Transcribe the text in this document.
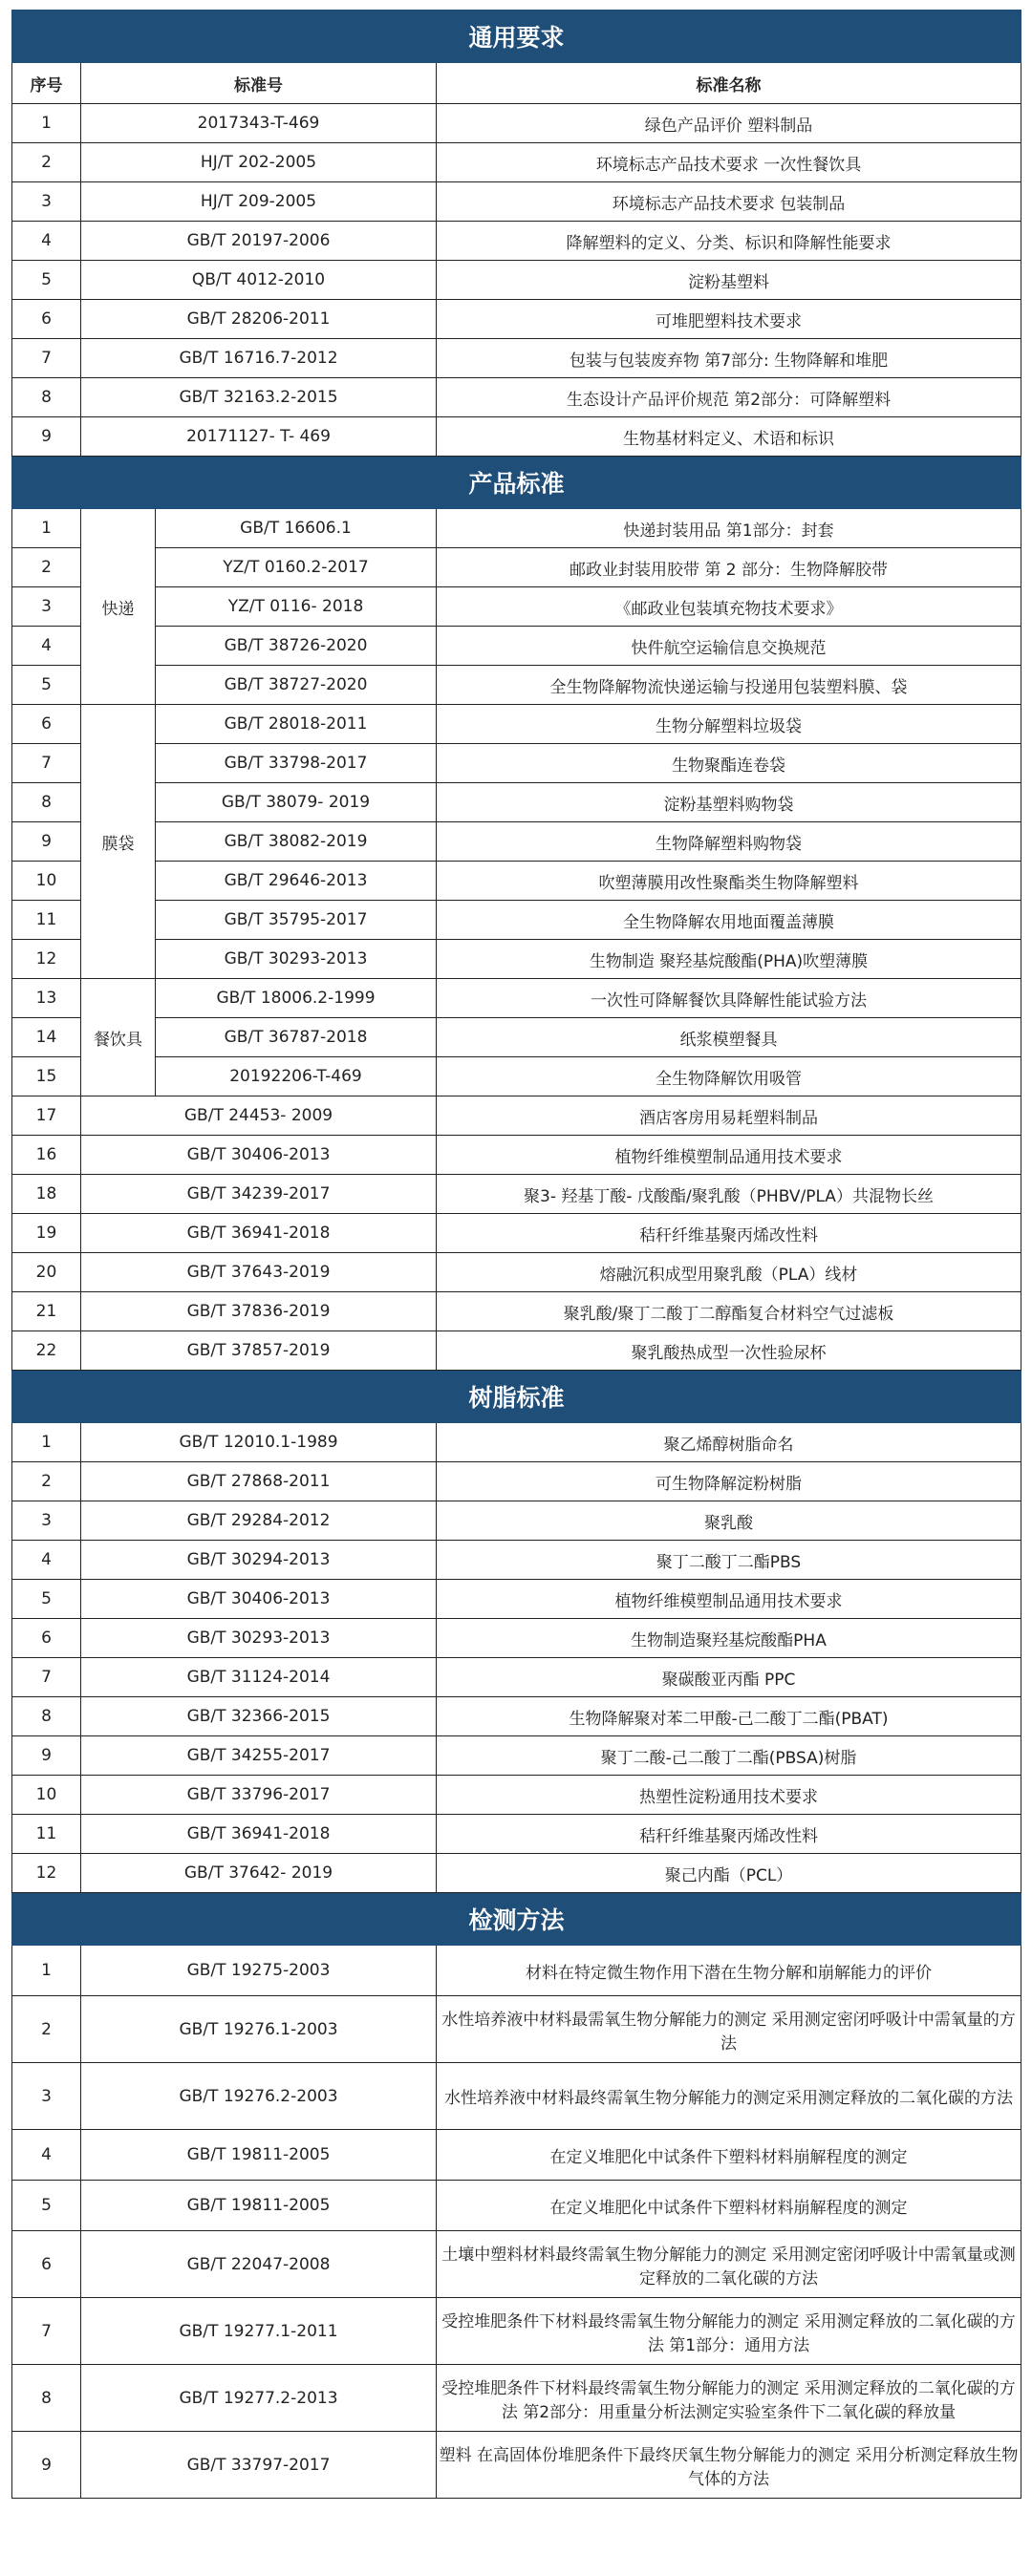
通用要求			
序号	标准号		标准名称
1	2017343-T-469		绿色产品评价 塑料制品
2	HJ/T 202-2005		环境标志产品技术要求 一次性餐饮具
3	HJ/T 209-2005		环境标志产品技术要求 包装制品
4	GB/T 20197-2006		降解塑料的定义、分类、标识和降解性能要求
5	QB/T 4012-2010		淀粉基塑料
6	GB/T 28206-2011		可堆肥塑料技术要求
7	GB/T 16716.7-2012		包装与包装废弃物 第7部分: 生物降解和堆肥
8	GB/T 32163.2-2015		生态设计产品评价规范 第2部分：可降解塑料
9	20171127- T- 469		生物基材料定义、术语和标识
产品标准			
1	快递	GB/T 16606.1	快递封装用品 第1部分：封套
2		YZ/T 0160.2-2017	邮政业封装用胶带 第 2 部分：生物降解胶带
3		YZ/T 0116- 2018	《邮政业包装填充物技术要求》
4		GB/T 38726-2020	快件航空运输信息交换规范
5		GB/T 38727-2020	全生物降解物流快递运输与投递用包装塑料膜、袋
6	膜袋	GB/T 28018-2011	生物分解塑料垃圾袋
7		GB/T 33798-2017	生物聚酯连卷袋
8		GB/T 38079- 2019	淀粉基塑料购物袋
9		GB/T 38082-2019	生物降解塑料购物袋
10		GB/T 29646-2013	吹塑薄膜用改性聚酯类生物降解塑料
11		GB/T 35795-2017	全生物降解农用地面覆盖薄膜
12		GB/T 30293-2013	生物制造 聚羟基烷酸酯(PHA)吹塑薄膜
13	餐饮具	GB/T 18006.2-1999	一次性可降解餐饮具降解性能试验方法
14		GB/T 36787-2018	纸浆模塑餐具
15		20192206-T-469	全生物降解饮用吸管
17	GB/T 24453- 2009		酒店客房用易耗塑料制品
16	GB/T 30406-2013		植物纤维模塑制品通用技术要求
18	GB/T 34239-2017		聚3- 羟基丁酸- 戊酸酯/聚乳酸（PHBV/PLA）共混物长丝
19	GB/T 36941-2018		秸秆纤维基聚丙烯改性料
20	GB/T 37643-2019		熔融沉积成型用聚乳酸（PLA）线材
21	GB/T 37836-2019		聚乳酸/聚丁二酸丁二醇酯复合材料空气过滤板
22	GB/T 37857-2019		聚乳酸热成型一次性验尿杯
树脂标准			
1	GB/T 12010.1-1989		聚乙烯醇树脂命名
2	GB/T 27868-2011		可生物降解淀粉树脂
3	GB/T 29284-2012		聚乳酸
4	GB/T 30294-2013		聚丁二酸丁二酯PBS
5	GB/T 30406-2013		植物纤维模塑制品通用技术要求
6	GB/T 30293-2013		生物制造聚羟基烷酸酯PHA
7	GB/T 31124-2014		聚碳酸亚丙酯 PPC
8	GB/T 32366-2015		生物降解聚对苯二甲酸-己二酸丁二酯(PBAT)
9	GB/T 34255-2017		聚丁二酸-己二酸丁二酯(PBSA)树脂
10	GB/T 33796-2017		热塑性淀粉通用技术要求
11	GB/T 36941-2018		秸秆纤维基聚丙烯改性料
12	GB/T 37642- 2019		聚己内酯（PCL）
检测方法			
1	GB/T 19275-2003		材料在特定微生物作用下潜在生物分解和崩解能力的评价
2	GB/T 19276.1-2003		水性培养液中材料最需氧生物分解能力的测定 采用测定密闭呼吸计中需氧量的方法
3	GB/T 19276.2-2003		水性培养液中材料最终需氧生物分解能力的测定采用测定释放的二氧化碳的方法
4	GB/T 19811-2005		在定义堆肥化中试条件下塑料材料崩解程度的测定
5	GB/T 19811-2005		在定义堆肥化中试条件下塑料材料崩解程度的测定
6	GB/T 22047-2008		土壤中塑料材料最终需氧生物分解能力的测定 采用测定密闭呼吸计中需氧量或测定释放的二氧化碳的方法
7	GB/T 19277.1-2011		受控堆肥条件下材料最终需氧生物分解能力的测定 采用测定释放的二氧化碳的方法 第1部分：通用方法
8	GB/T 19277.2-2013		受控堆肥条件下材料最终需氧生物分解能力的测定 采用测定释放的二氧化碳的方法 第2部分：用重量分析法测定实验室条件下二氧化碳的释放量
9	GB/T 33797-2017		塑料 在高固体份堆肥条件下最终厌氧生物分解能力的测定 采用分析测定释放生物气体的方法
